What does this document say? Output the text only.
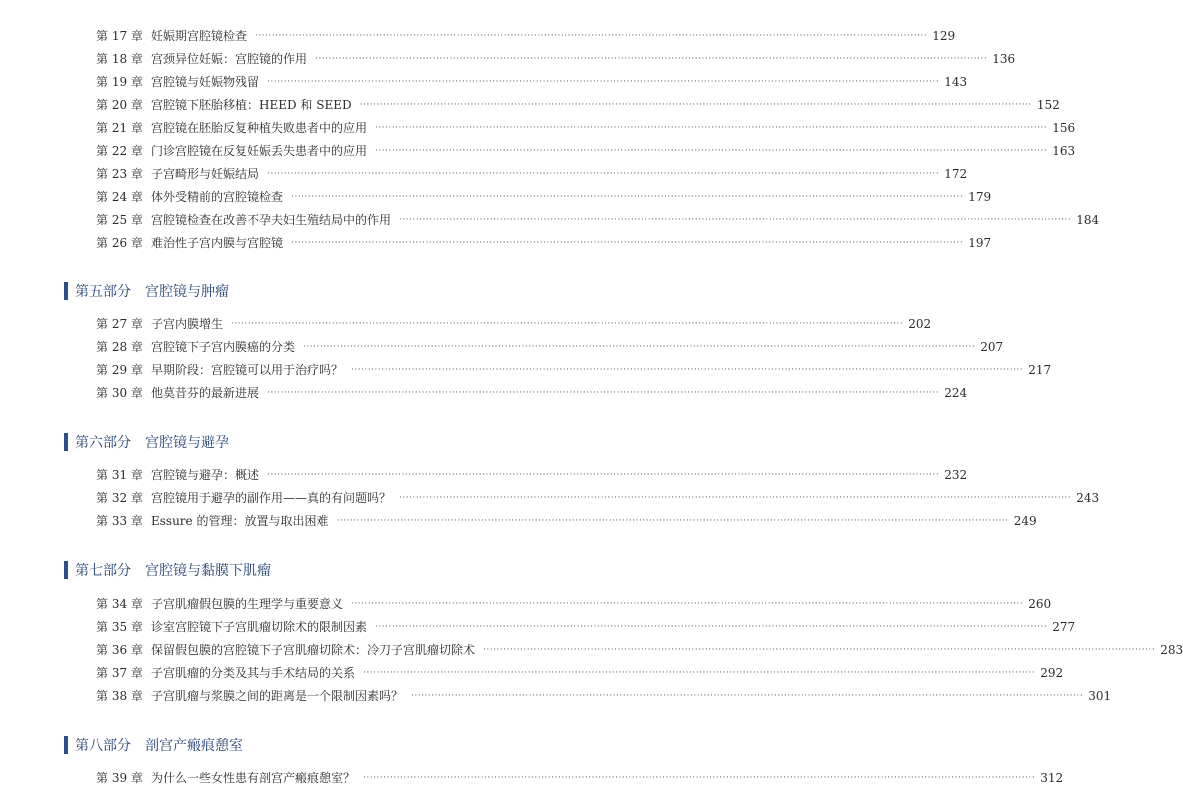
第 17 章 妊娠期宫腔镜检查 ········································································································································································································ 129
第 18 章 宫颈异位妊娠：宫腔镜的作用 ········································································································································································································ 136
第 19 章 宫腔镜与妊娠物残留 ········································································································································································································ 143
第 20 章 宫腔镜下胚胎移植：HEED 和 SEED ········································································································································································································ 152
第 21 章 宫腔镜在胚胎反复种植失败患者中的应用 ········································································································································································································ 156
第 22 章 门诊宫腔镜在反复妊娠丢失患者中的应用 ········································································································································································································ 163
第 23 章 子宫畸形与妊娠结局 ········································································································································································································ 172
第 24 章 体外受精前的宫腔镜检查 ········································································································································································································ 179
第 25 章 宫腔镜检查在改善不孕夫妇生殖结局中的作用 ········································································································································································································ 184
第 26 章 难治性子宫内膜与宫腔镜 ········································································································································································································ 197
第五部分 宫腔镜与肿瘤
第 27 章 子宫内膜增生 ········································································································································································································ 202
第 28 章 宫腔镜下子宫内膜癌的分类 ········································································································································································································ 207
第 29 章 早期阶段：宫腔镜可以用于治疗吗？ ········································································································································································································ 217
第 30 章 他莫昔芬的最新进展 ········································································································································································································ 224
第六部分 宫腔镜与避孕
第 31 章 宫腔镜与避孕：概述 ········································································································································································································ 232
第 32 章 宫腔镜用于避孕的副作用——真的有问题吗？ ········································································································································································································ 243
第 33 章 Essure 的管理：放置与取出困难 ········································································································································································································ 249
第七部分 宫腔镜与黏膜下肌瘤
第 34 章 子宫肌瘤假包膜的生理学与重要意义 ········································································································································································································ 260
第 35 章 诊室宫腔镜下子宫肌瘤切除术的限制因素 ········································································································································································································ 277
第 36 章 保留假包膜的宫腔镜下子宫肌瘤切除术：冷刀子宫肌瘤切除术 ········································································································································································································ 283
第 37 章 子宫肌瘤的分类及其与手术结局的关系 ········································································································································································································ 292
第 38 章 子宫肌瘤与浆膜之间的距离是一个限制因素吗？ ········································································································································································································ 301
第八部分 剖宫产瘢痕憩室
第 39 章 为什么一些女性患有剖宫产瘢痕憩室？ ········································································································································································································ 312
